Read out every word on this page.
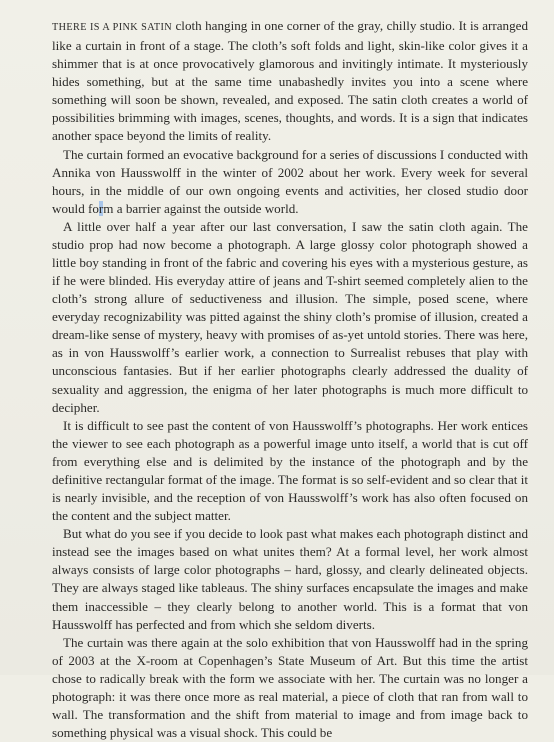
THERE IS A PINK SATIN cloth hanging in one corner of the gray, chilly studio. It is arranged like a curtain in front of a stage. The cloth’s soft folds and light, skin-like color gives it a shimmer that is at once provocatively glamorous and invitingly intimate. It mysteriously hides something, but at the same time unabashedly invites you into a scene where something will soon be shown, revealed, and exposed. The satin cloth creates a world of possibilities brimming with images, scenes, thoughts, and words. It is a sign that indicates another space beyond the limits of reality.

The curtain formed an evocative background for a series of discussions I conducted with Annika von Hausswolff in the winter of 2002 about her work. Every week for several hours, in the middle of our own ongoing events and activities, her closed studio door would form a barrier against the outside world.

A little over half a year after our last conversation, I saw the satin cloth again. The studio prop had now become a photograph. A large glossy color photograph showed a little boy standing in front of the fabric and covering his eyes with a mysterious gesture, as if he were blinded. His everyday attire of jeans and T-shirt seemed completely alien to the cloth’s strong allure of seductiveness and illusion. The simple, posed scene, where everyday recognizability was pitted against the shiny cloth’s promise of illusion, created a dream-like sense of mystery, heavy with promises of as-yet untold stories. There was here, as in von Hausswolff’s earlier work, a connection to Surrealist rebuses that play with unconscious fantasies. But if her earlier photographs clearly addressed the duality of sexuality and aggression, the enigma of her later photographs is much more difficult to decipher.

It is difficult to see past the content of von Hausswolff’s photographs. Her work entices the viewer to see each photograph as a powerful image unto itself, a world that is cut off from everything else and is delimited by the instance of the photograph and by the definitive rectangular format of the image. The format is so self-evident and so clear that it is nearly invisible, and the reception of von Hausswolff’s work has also often focused on the content and the subject matter.

But what do you see if you decide to look past what makes each photograph distinct and instead see the images based on what unites them? At a formal level, her work almost always consists of large color photographs – hard, glossy, and clearly delineated objects. They are always staged like tableaus. The shiny surfaces encapsulate the images and make them inaccessible – they clearly belong to another world. This is a format that von Hausswolff has perfected and from which she seldom diverts.

The curtain was there again at the solo exhibition that von Hausswolff had in the spring of 2003 at the X-room at Copenhagen’s State Museum of Art. But this time the artist chose to radically break with the form we associate with her. The curtain was no longer a photograph: it was there once more as real material, a piece of cloth that ran from wall to wall. The transformation and the shift from material to image and from image back to something physical was a visual shock. This could be
